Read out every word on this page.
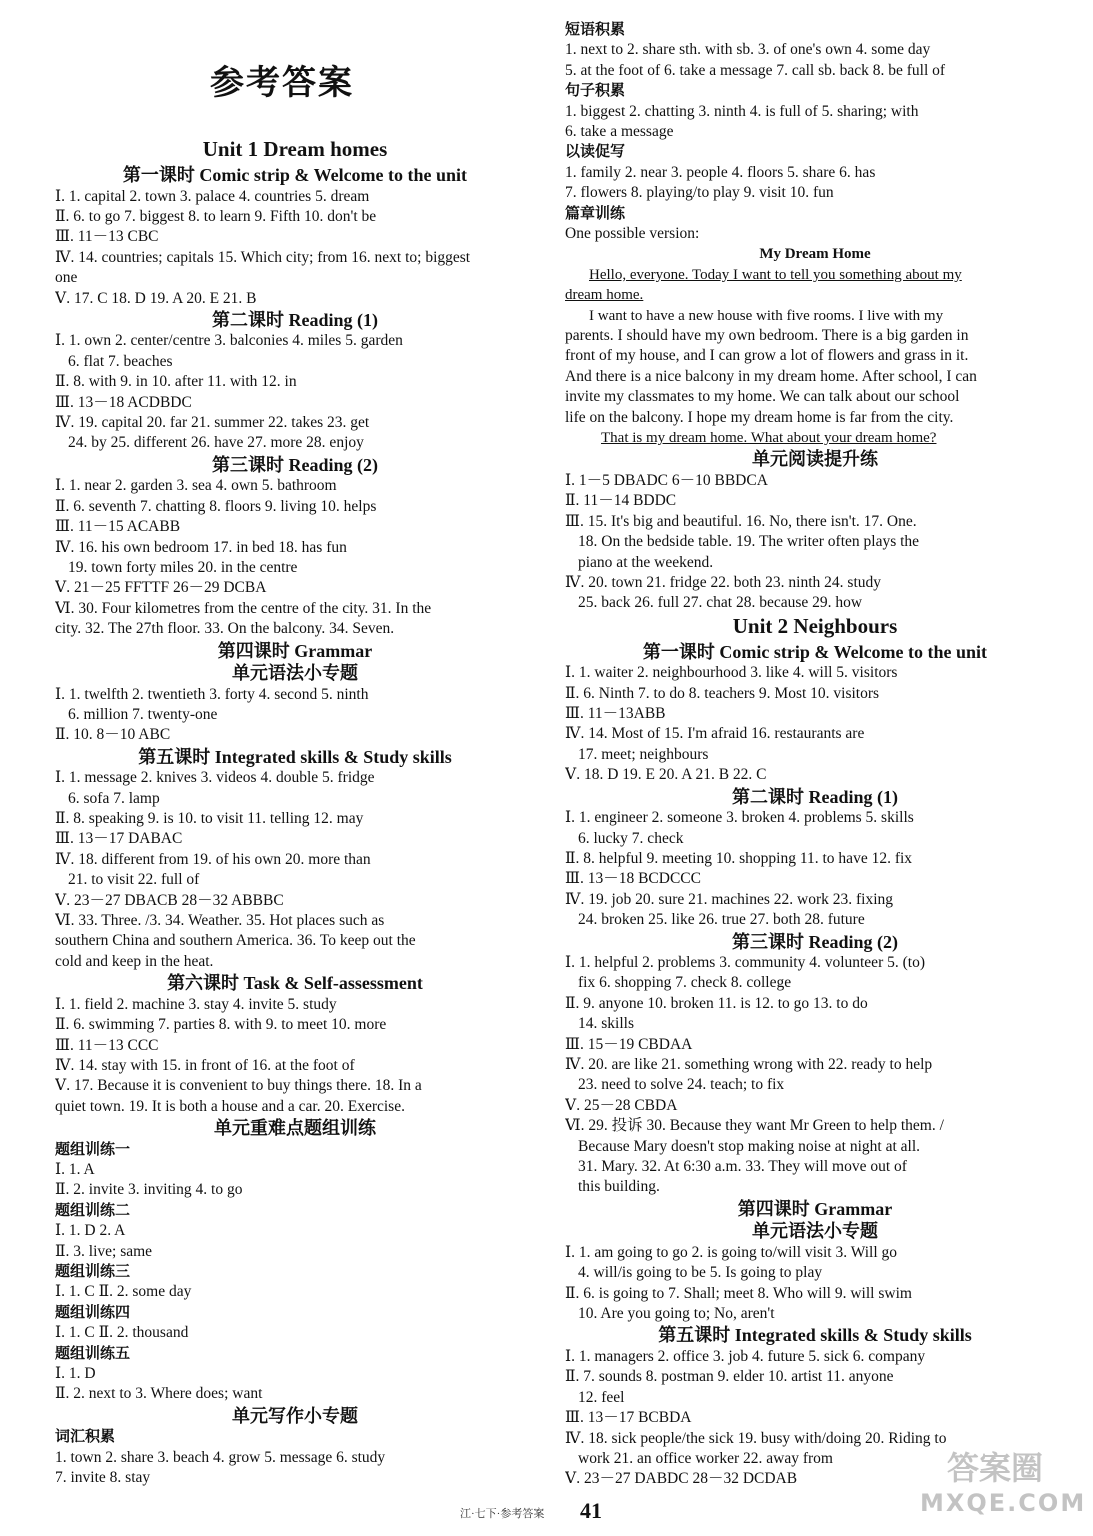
参考答案
Unit 1 Dream homes
第一课时 Comic strip & Welcome to the unit
Ⅰ. 1. capital 2. town 3. palace 4. countries 5. dream
Ⅱ. 6. to go 7. biggest 8. to learn 9. Fifth 10. don't be
Ⅲ. 11－13 CBC
Ⅳ. 14. countries; capitals 15. Which city; from 16. next to; biggest
one
Ⅴ. 17. C 18. D 19. A 20. E 21. B
第二课时 Reading (1)
Ⅰ. 1. own 2. center/centre 3. balconies 4. miles 5. garden
6. flat 7. beaches
Ⅱ. 8. with 9. in 10. after 11. with 12. in
Ⅲ. 13－18 ACDBDC
Ⅳ. 19. capital 20. far 21. summer 22. takes 23. get
24. by 25. different 26. have 27. more 28. enjoy
第三课时 Reading (2)
Ⅰ. 1. near 2. garden 3. sea 4. own 5. bathroom
Ⅱ. 6. seventh 7. chatting 8. floors 9. living 10. helps
Ⅲ. 11－15 ACABB
Ⅳ. 16. his own bedroom 17. in bed 18. has fun
19. town forty miles 20. in the centre
Ⅴ. 21－25 FFTTF 26－29 DCBA
Ⅵ. 30. Four kilometres from the centre of the city. 31. In the
city. 32. The 27th floor. 33. On the balcony. 34. Seven.
第四课时 Grammar
单元语法小专题
Ⅰ. 1. twelfth 2. twentieth 3. forty 4. second 5. ninth
6. million 7. twenty-one
Ⅱ. 10. 8－10 ABC
第五课时 Integrated skills & Study skills
Ⅰ. 1. message 2. knives 3. videos 4. double 5. fridge
6. sofa 7. lamp
Ⅱ. 8. speaking 9. is 10. to visit 11. telling 12. may
Ⅲ. 13－17 DABAC
Ⅳ. 18. different from 19. of his own 20. more than
21. to visit 22. full of
Ⅴ. 23－27 DBACB 28－32 ABBBC
Ⅵ. 33. Three. /3. 34. Weather. 35. Hot places such as
southern China and southern America. 36. To keep out the
cold and keep in the heat.
第六课时 Task & Self-assessment
Ⅰ. 1. field 2. machine 3. stay 4. invite 5. study
Ⅱ. 6. swimming 7. parties 8. with 9. to meet 10. more
Ⅲ. 11－13 CCC
Ⅳ. 14. stay with 15. in front of 16. at the foot of
Ⅴ. 17. Because it is convenient to buy things there. 18. In a
quiet town. 19. It is both a house and a car. 20. Exercise.
单元重难点题组训练
题组训练一
Ⅰ. 1. A
Ⅱ. 2. invite 3. inviting 4. to go
题组训练二
Ⅰ. 1. D 2. A
Ⅱ. 3. live; same
题组训练三
Ⅰ. 1. C Ⅱ. 2. some day
题组训练四
Ⅰ. 1. C Ⅱ. 2. thousand
题组训练五
Ⅰ. 1. D
Ⅱ. 2. next to 3. Where does; want
单元写作小专题
词汇积累
1. town 2. share 3. beach 4. grow 5. message 6. study
7. invite 8. stay
短语积累
1. next to 2. share sth. with sb. 3. of one's own 4. some day
5. at the foot of 6. take a message 7. call sb. back 8. be full of
句子积累
1. biggest 2. chatting 3. ninth 4. is full of 5. sharing; with
6. take a message
以读促写
1. family 2. near 3. people 4. floors 5. share 6. has
7. flowers 8. playing/to play 9. visit 10. fun
篇章训练
One possible version:
My Dream Home
Hello, everyone. Today I want to tell you something about my
dream home.
I want to have a new house with five rooms. I live with my
parents. I should have my own bedroom. There is a big garden in
front of my house, and I can grow a lot of flowers and grass in it.
And there is a nice balcony in my dream home. After school, I can
invite my classmates to my home. We can talk about our school
life on the balcony. I hope my dream home is far from the city.
That is my dream home. What about your dream home?
单元阅读提升练
Ⅰ. 1－5 DBADC 6－10 BBDCA
Ⅱ. 11－14 BDDC
Ⅲ. 15. It's big and beautiful. 16. No, there isn't. 17. One.
18. On the bedside table. 19. The writer often plays the
piano at the weekend.
Ⅳ. 20. town 21. fridge 22. both 23. ninth 24. study
25. back 26. full 27. chat 28. because 29. how
Unit 2 Neighbours
第一课时 Comic strip & Welcome to the unit
Ⅰ. 1. waiter 2. neighbourhood 3. like 4. will 5. visitors
Ⅱ. 6. Ninth 7. to do 8. teachers 9. Most 10. visitors
Ⅲ. 11－13ABB
Ⅳ. 14. Most of 15. I'm afraid 16. restaurants are
17. meet; neighbours
Ⅴ. 18. D 19. E 20. A 21. B 22. C
第二课时 Reading (1)
Ⅰ. 1. engineer 2. someone 3. broken 4. problems 5. skills
6. lucky 7. check
Ⅱ. 8. helpful 9. meeting 10. shopping 11. to have 12. fix
Ⅲ. 13－18 BCDCCC
Ⅳ. 19. job 20. sure 21. machines 22. work 23. fixing
24. broken 25. like 26. true 27. both 28. future
第三课时 Reading (2)
Ⅰ. 1. helpful 2. problems 3. community 4. volunteer 5. (to)
fix 6. shopping 7. check 8. college
Ⅱ. 9. anyone 10. broken 11. is 12. to go 13. to do
14. skills
Ⅲ. 15－19 CBDAA
Ⅳ. 20. are like 21. something wrong with 22. ready to help
23. need to solve 24. teach; to fix
Ⅴ. 25－28 CBDA
Ⅵ. 29. 投诉 30. Because they want Mr Green to help them. /
Because Mary doesn't stop making noise at night at all.
31. Mary. 32. At 6:30 a.m. 33. They will move out of
this building.
第四课时 Grammar
单元语法小专题
Ⅰ. 1. am going to go 2. is going to/will visit 3. Will go
4. will/is going to be 5. Is going to play
Ⅱ. 6. is going to 7. Shall; meet 8. Who will 9. will swim
10. Are you going to; No, aren't
第五课时 Integrated skills & Study skills
Ⅰ. 1. managers 2. office 3. job 4. future 5. sick 6. company
Ⅱ. 7. sounds 8. postman 9. elder 10. artist 11. anyone
12. feel
Ⅲ. 13－17 BCBDA
Ⅳ. 18. sick people/the sick 19. busy with/doing 20. Riding to
work 21. an office worker 22. away from
Ⅴ. 23－27 DABDC 28－32 DCDAB
江·七下·参考答案 41
答案圈
MXQE.COM
